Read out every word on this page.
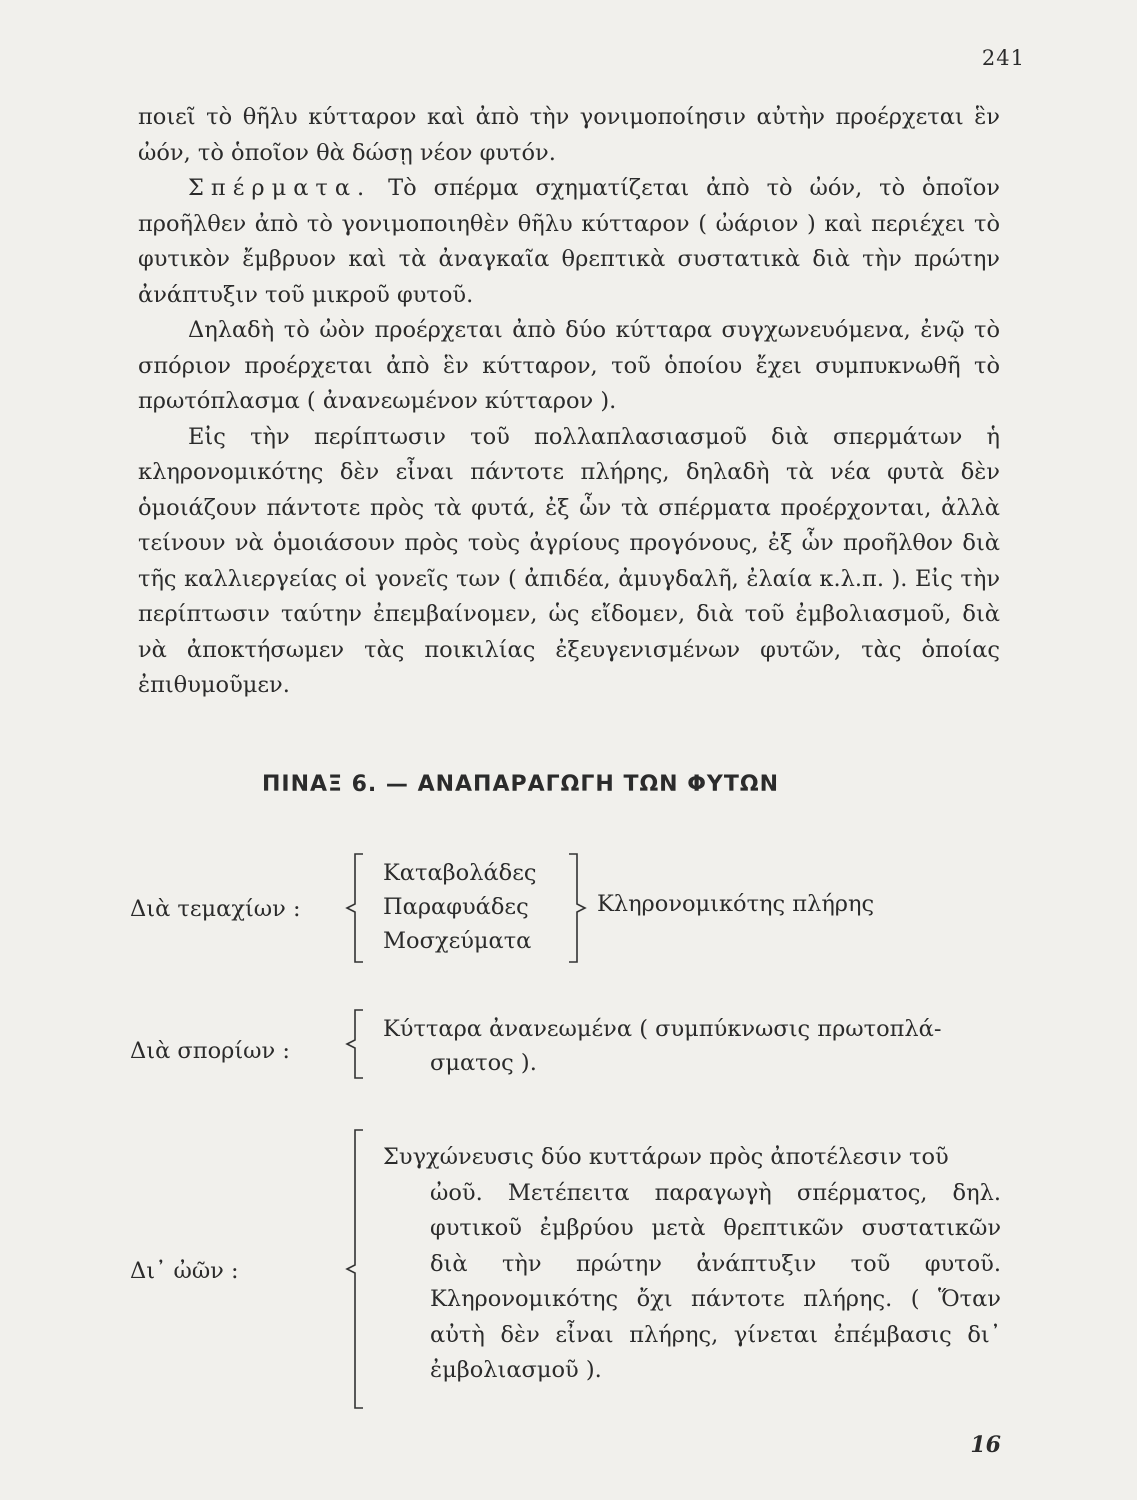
241

ποιεῖ τὸ θῆλυ κύτταρον καὶ ἀπὸ τὴν γονιμοποίησιν αὐτὴν προέρχεται ἓν ὠόν, τὸ ὁποῖον θὰ δώσῃ νέον φυτόν.

Σπέρματα. Τὸ σπέρμα σχηματίζεται ἀπὸ τὸ ὠόν, τὸ ὁποῖον προῆλθεν ἀπὸ τὸ γονιμοποιηθὲν θῆλυ κύτταρον ( ὠάριον ) καὶ περιέχει τὸ φυτικὸν ἔμβρυον καὶ τὰ ἀναγκαῖα θρεπτικὰ συστατικὰ διὰ τὴν πρώτην ἀνάπτυξιν τοῦ μικροῦ φυτοῦ.

Δηλαδὴ τὸ ὠὸν προέρχεται ἀπὸ δύο κύτταρα συγχωνευόμενα, ἐνῷ τὸ σπόριον προέρχεται ἀπὸ ἓν κύτταρον, τοῦ ὁποίου ἔχει συμπυκνωθῆ τὸ πρωτόπλασμα ( ἀνανεωμένον κύτταρον ).

Εἰς τὴν περίπτωσιν τοῦ πολλαπλασιασμοῦ διὰ σπερμάτων ἡ κληρονομικότης δὲν εἶναι πάντοτε πλήρης, δηλαδὴ τὰ νέα φυτὰ δὲν ὁμοιάζουν πάντοτε πρὸς τὰ φυτά, ἐξ ὧν τὰ σπέρματα προέρχονται, ἀλλὰ τείνουν νὰ ὁμοιάσουν πρὸς τοὺς ἀγρίους προγόνους, ἐξ ὧν προῆλθον διὰ τῆς καλλιεργείας οἱ γονεῖς των ( ἀπιδέα, ἀμυγδαλῆ, ἐλαία κ.λ.π. ). Εἰς τὴν περίπτωσιν ταύτην ἐπεμβαίνομεν, ὡς εἴδομεν, διὰ τοῦ ἐμβολιασμοῦ, διὰ νὰ ἀποκτήσωμεν τὰς ποικιλίας ἐξευγενισμένων φυτῶν, τὰς ὁποίας ἐπιθυμοῦμεν.

ΠΙΝΑΞ 6. — ΑΝΑΠΑΡΑΓΩΓΗ ΤΩΝ ΦΥΤΩΝ
Διὰ τεμαχίων :
Καταβολάδες
Παραφυάδες
Μοσχεύματα
Κληρονομικότης πλήρης
Διὰ σπορίων :
Κύτταρα ἀνανεωμένα ( συμπύκνωσις πρωτοπλά-
σματος ).
Δι᾽ ὠῶν :

Συγχώνευσις δύο κυττάρων πρὸς ἀποτέλεσιν τοῦ

ὠοῦ. Μετέπειτα παραγωγὴ σπέρματος, δηλ. φυτικοῦ ἐμβρύου μετὰ θρεπτικῶν συστατικῶν διὰ τὴν πρώτην ἀνάπτυξιν τοῦ φυτοῦ. Κληρονομικότης ὄχι πάντοτε πλήρης. ( Ὅταν αὐτὴ δὲν εἶναι πλήρης, γίνεται ἐπέμβασις δι᾽ ἐμβολιασμοῦ ).

16
